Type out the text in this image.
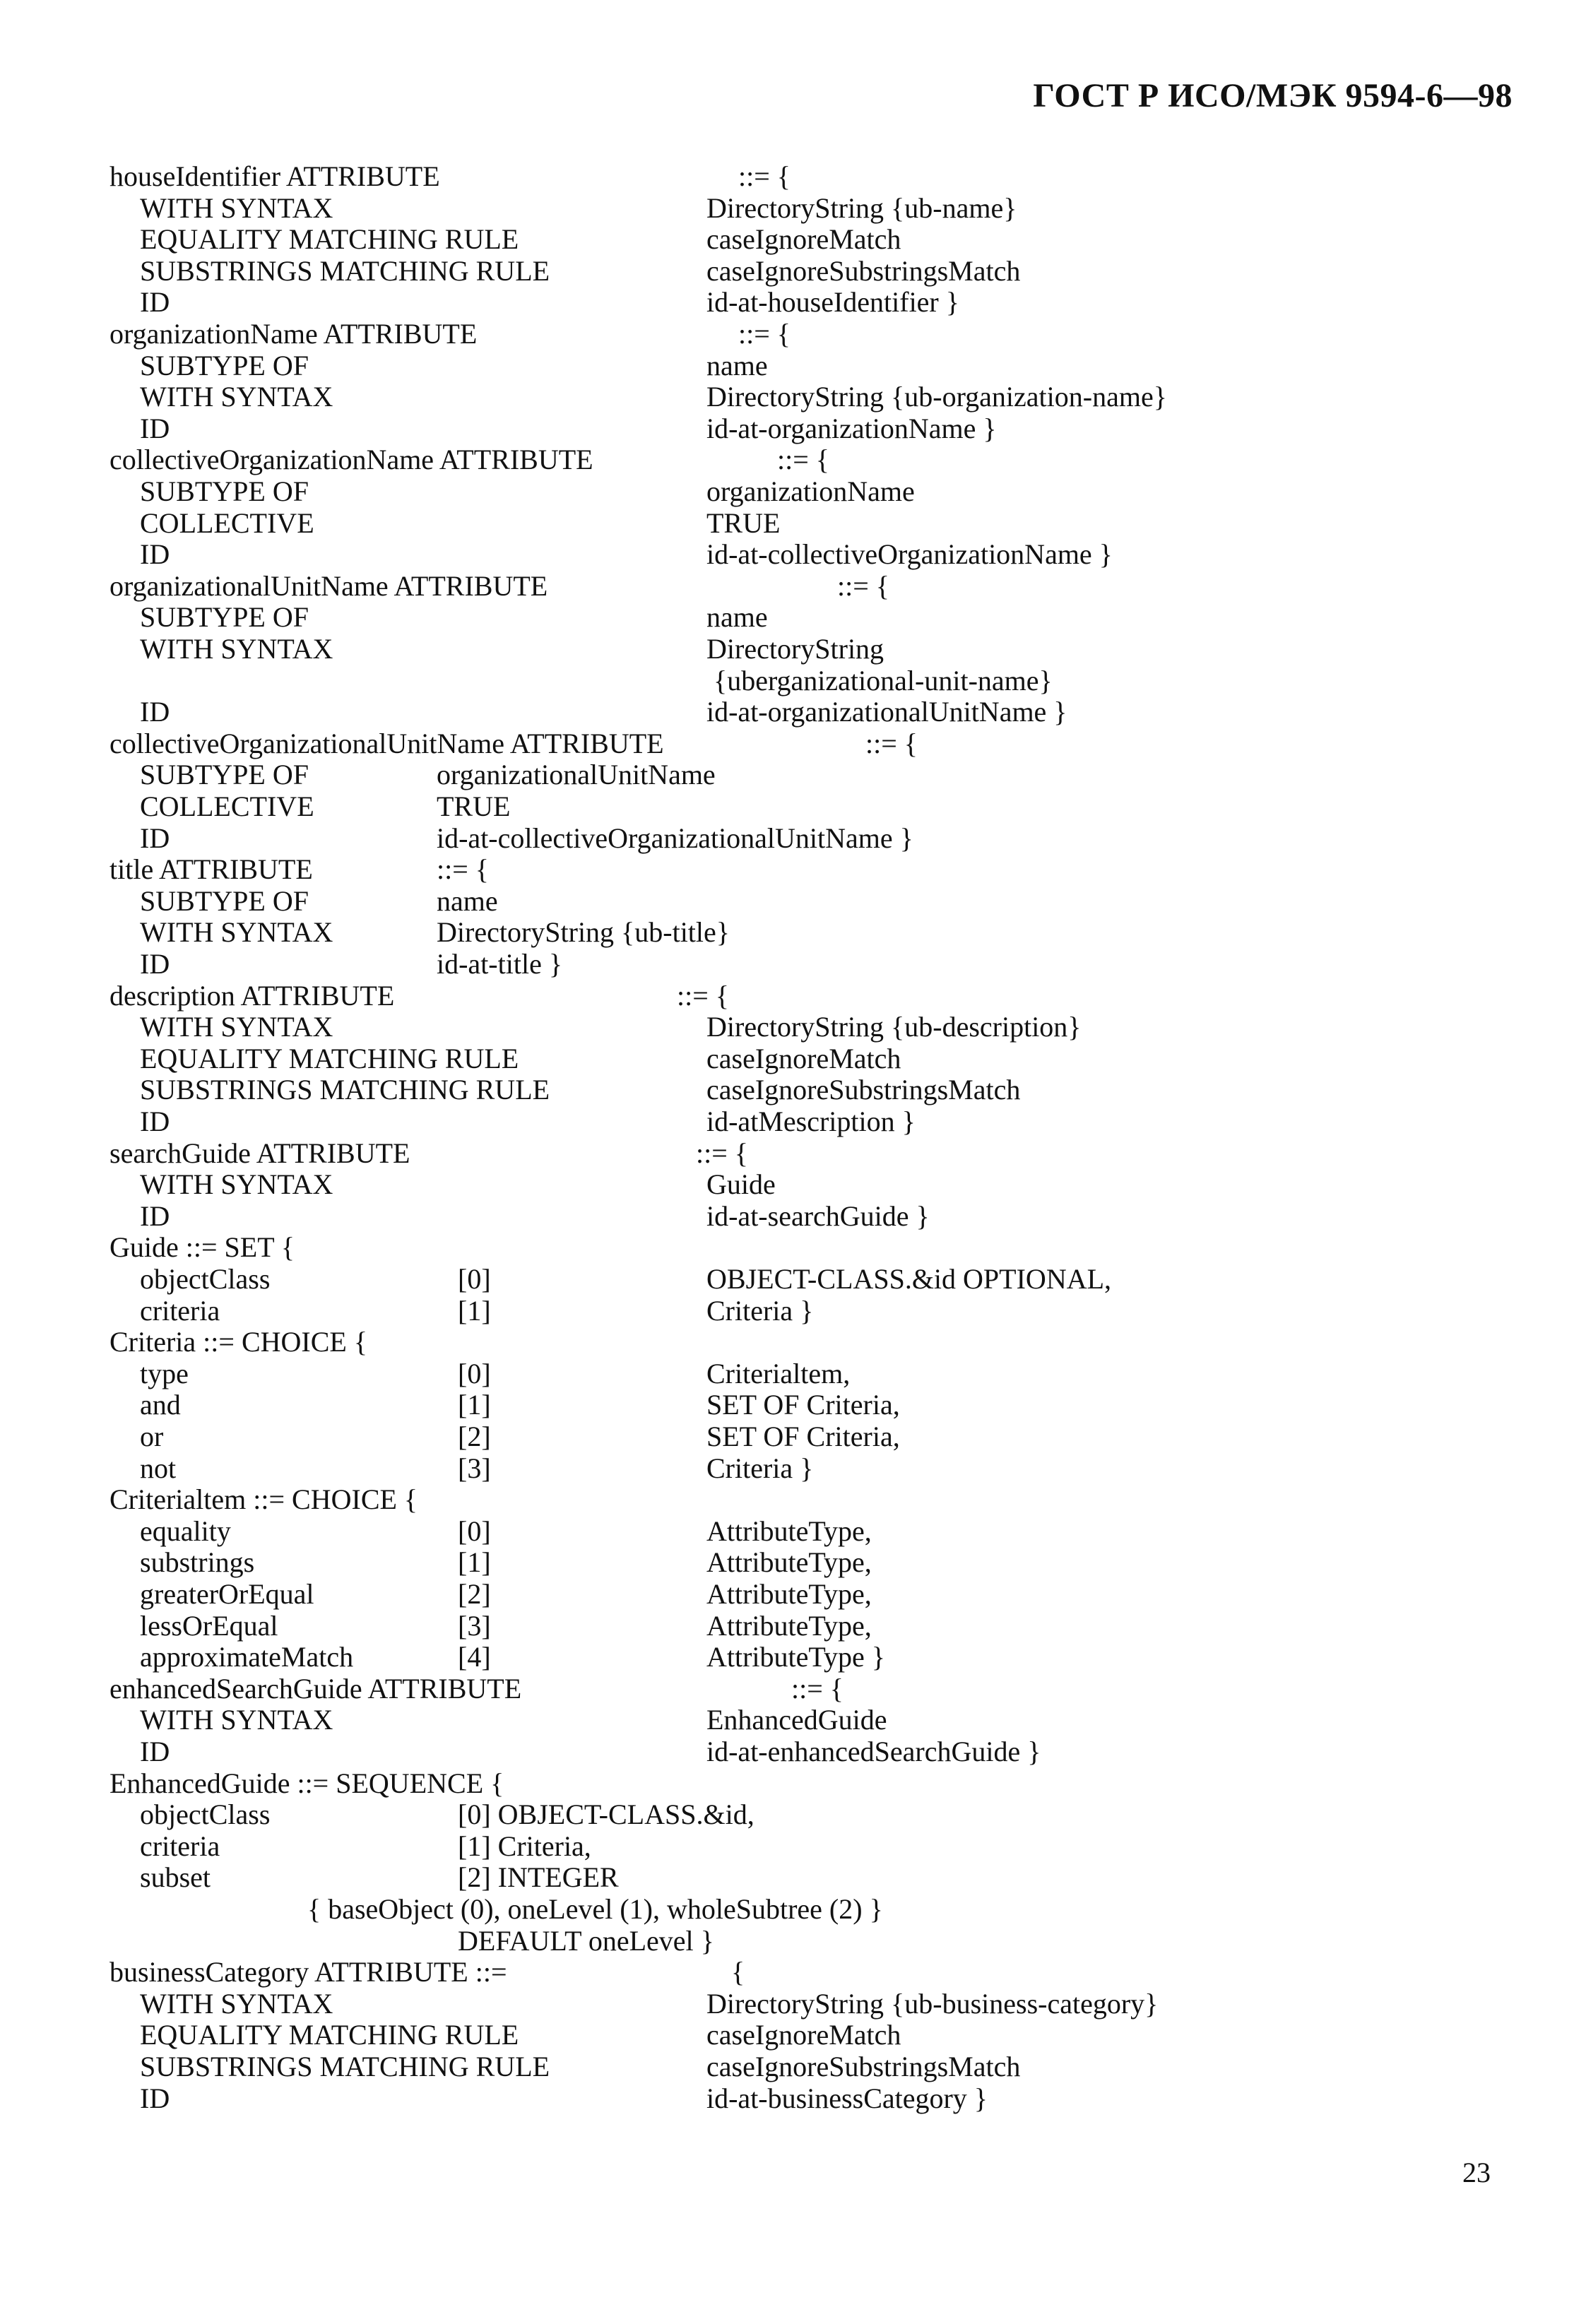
ГОСТ Р ИСО/МЭК 9594-6—98
houseIdentifier ATTRIBUTE	::= {
WITH SYNTAX	DirectoryString {ub-name}
EQUALITY MATCHING RULE	caseIgnoreMatch
SUBSTRINGS MATCHING RULE	caseIgnoreSubstringsMatch
ID	id-at-houseIdentifier }
organizationName ATTRIBUTE	::= {
SUBTYPE OF	name
WITH SYNTAX	DirectoryString {ub-organization-name}
ID	id-at-organizationName }
collectiveOrganizationName ATTRIBUTE	::= {
SUBTYPE OF	organizationName
COLLECTIVE	TRUE
ID	id-at-collectiveOrganizationName }
organizationalUnitName ATTRIBUTE	::= {
SUBTYPE OF	name
WITH SYNTAX	DirectoryString
{uberganizational-unit-name}
ID	id-at-organizationalUnitName }
collectiveOrganizationalUnitName ATTRIBUTE	::= {
SUBTYPE OF	organizationalUnitName
COLLECTIVE	TRUE
ID	id-at-collectiveOrganizationalUnitName }
title ATTRIBUTE	::= {
SUBTYPE OF	name
WITH SYNTAX	DirectoryString {ub-title}
ID	id-at-title }
description ATTRIBUTE	::= {
WITH SYNTAX	DirectoryString {ub-description}
EQUALITY MATCHING RULE	caseIgnoreMatch
SUBSTRINGS MATCHING RULE	caseIgnoreSubstringsMatch
ID	id-atMescription }
searchGuide ATTRIBUTE	::= {
WITH SYNTAX	Guide
ID	id-at-searchGuide }
Guide ::= SET {
objectClass	[0]	OBJECT-CLASS.&id OPTIONAL,
criteria	[1]	Criteria }
Criteria ::= CHOICE {
type	[0]	Criterialtem,
and	[1]	SET OF Criteria,
or	[2]	SET OF Criteria,
not	[3]	Criteria }
Criterialtem ::= CHOICE {
equality	[0]	AttributeType,
substrings	[1]	AttributeType,
greaterOrEqual	[2]	AttributeType,
lessOrEqual	[3]	AttributeType,
approximateMatch	[4]	AttributeType }
enhancedSearchGuide ATTRIBUTE	::= {
WITH SYNTAX	EnhancedGuide
ID	id-at-enhancedSearchGuide }
EnhancedGuide ::= SEQUENCE {
objectClass	[0] OBJECT-CLASS.&id,
criteria	[1] Criteria,
subset	[2] INTEGER
{ baseObject (0), oneLevel (1), wholeSubtree (2) }
DEFAULT oneLevel }
businessCategory ATTRIBUTE ::=	{
WITH SYNTAX	DirectoryString {ub-business-category}
EQUALITY MATCHING RULE	caseIgnoreMatch
SUBSTRINGS MATCHING RULE	caseIgnoreSubstringsMatch
ID	id-at-businessCategory }
23
